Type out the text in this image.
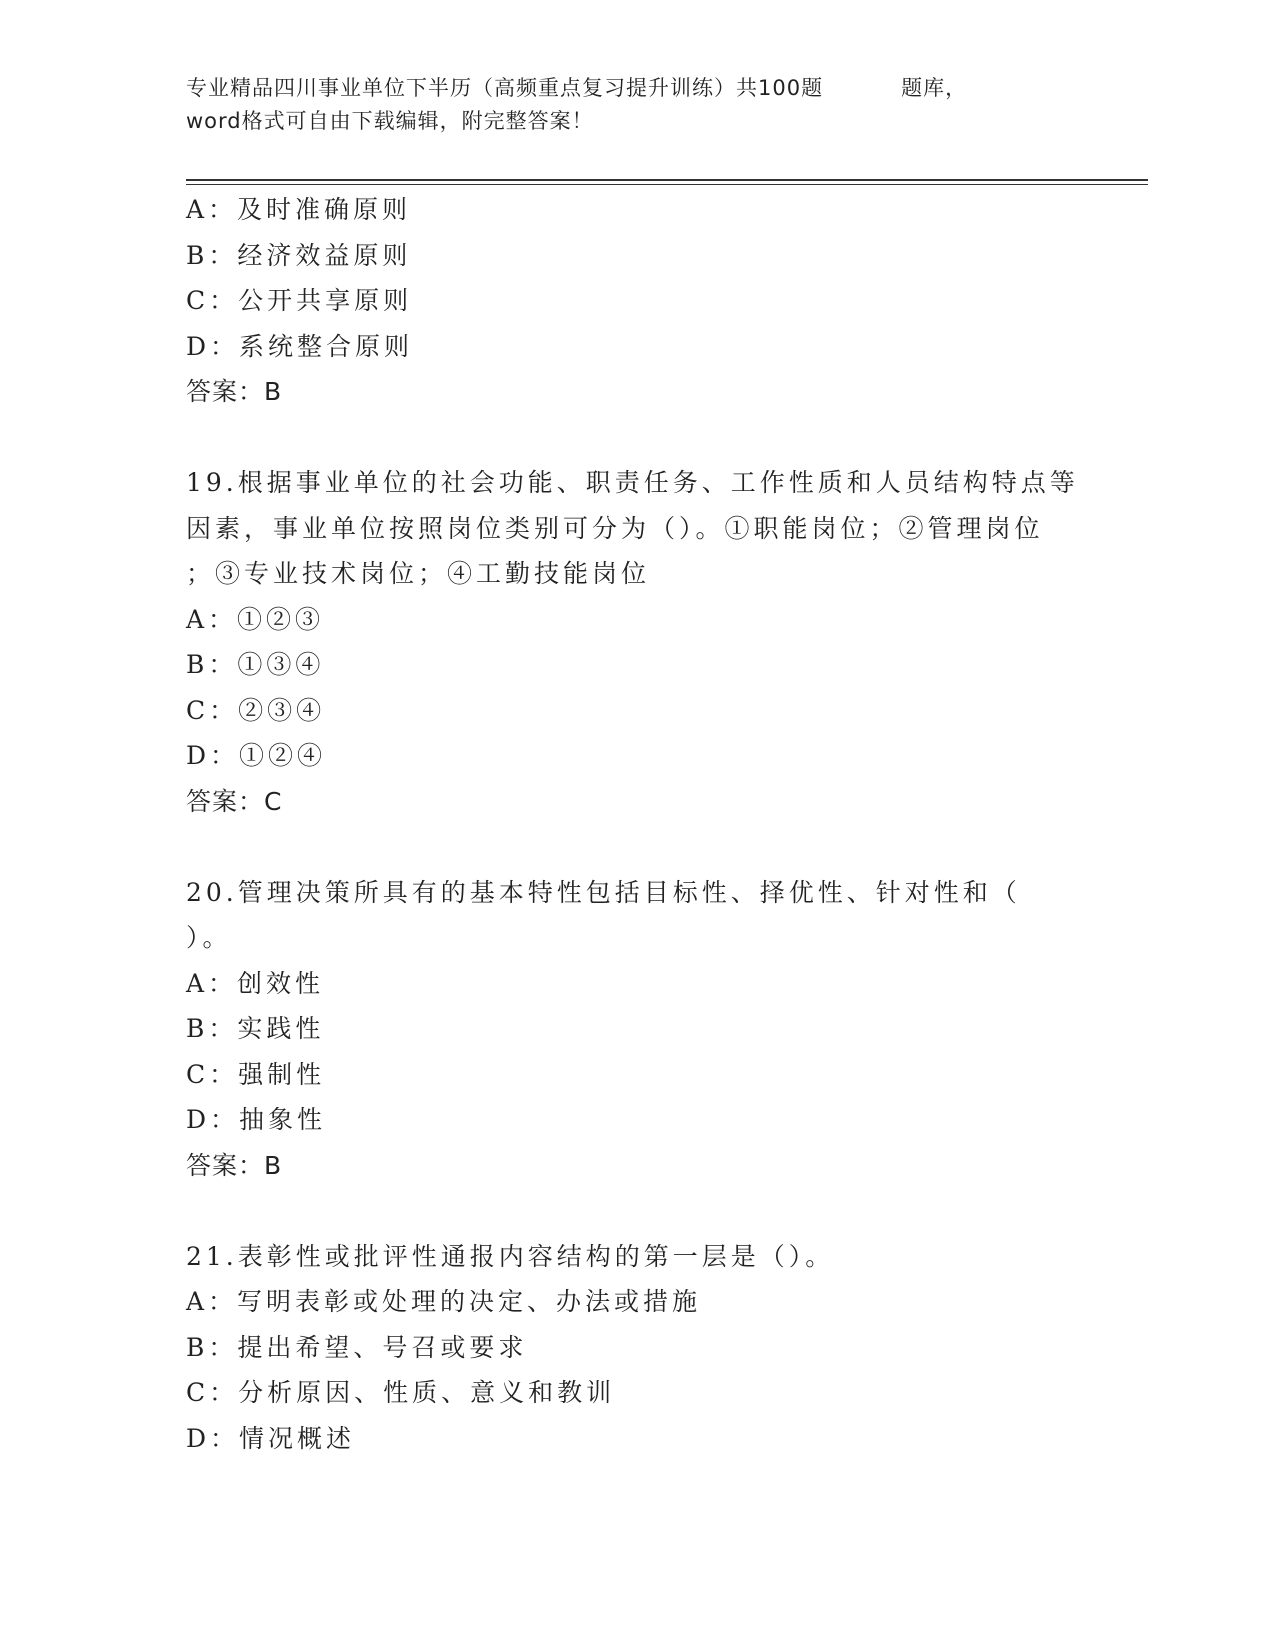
专业精品四川事业单位下半历（高频重点复习提升训练）共100题	题库，
word格式可自由下载编辑，附完整答案！
A：及时准确原则
B：经济效益原则
C：公开共享原则
D：系统整合原则
答案：B
19.根据事业单位的社会功能、职责任务、工作性质和人员结构特点等
因素，事业单位按照岗位类别可分为（）。①职能岗位；②管理岗位
；③专业技术岗位；④工勤技能岗位
A：①②③
B：①③④
C：②③④
D：①②④
答案：C
20.管理决策所具有的基本特性包括目标性、择优性、针对性和（
）。
A：创效性
B：实践性
C：强制性
D：抽象性
答案：B
21.表彰性或批评性通报内容结构的第一层是（）。
A：写明表彰或处理的决定、办法或措施
B：提出希望、号召或要求
C：分析原因、性质、意义和教训
D：情况概述
